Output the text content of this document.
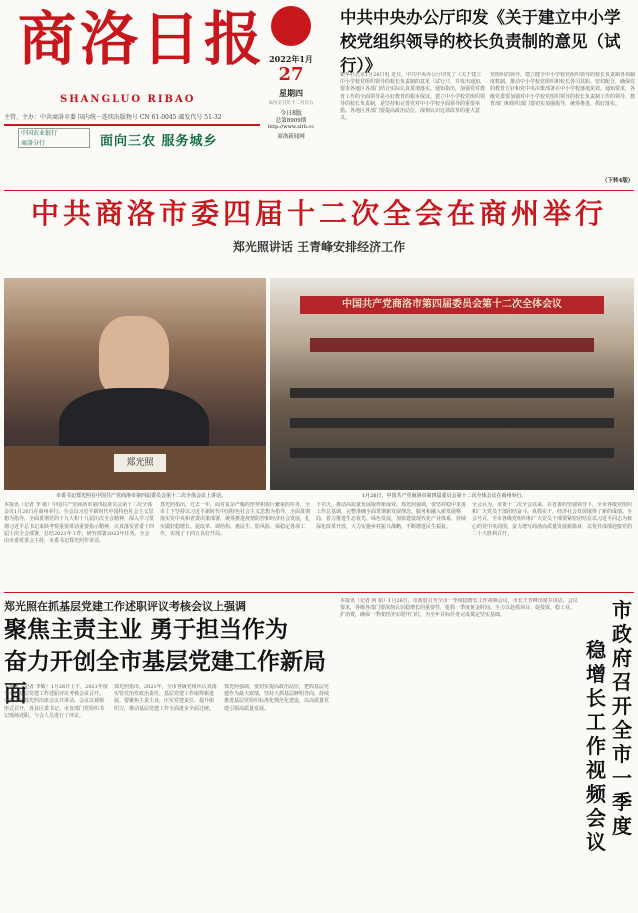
商洛日报
SHANGLUO RIBAO
主管、主办：中共商洛市委 国内统一连续出版物号 CN 61-0045 邮发代号 51-32
中国农业银行
商洛分行	面向三农 服务城乡
2022年1月
27
星期四
农历辛丑年十二月廿五
今日8版
总第8909期
http://www.slrb.cc
商洛新闻网
中共中央办公厅印发《关于建立中小学校党组织领导的校长负责制的意见（试行）》
新华社北京1月26日电 近日，中共中央办公厅印发了《关于建立中小学校党组织领导的校长负责制的意见（试行）》，并发出通知，要求各地区各部门结合实际认真贯彻落实。通知指出，加强党对教育工作的全面领导是办好教育的根本保证。建立中小学校党组织领导的校长负责制，是坚持和完善党对中小学校全面领导的重要举措。各地区各部门要提高政治站位，深刻认识这项改革的重大意义。
党组织的领导，建立健全中小学校党组织领导的校长负责制各项制度机制，推动中小学校党组织和校长各司其职、密切配合，确保党的教育方针和党中央决策部署在中小学校落地见效。通知要求，各级党委要加强对中小学校党组织领导的校长负责制工作的领导，教育部门和组织部门要切实加强指导，统筹推进，抓好落实。
（下转4版）
中共商洛市委四届十二次全会在商州举行
郑光照讲话 王青峰安排经济工作
郑光照
中国共产党商洛市第四届委员会第十二次全体会议
市委书记郑光照在中国共产党商洛市第四届委员会第十二次全体会议上讲话。	1月26日，中国共产党商洛市第四届委员会第十二次全体会议在商州举行。
本报讯（记者 李 敏）中国共产党商洛市第四届委员会第十二次全体会议1月26日在商州举行。全会以习近平新时代中国特色社会主义思想为指导，全面贯彻党的十九大和十九届历次全会精神，深入学习贯彻习近平总书记来陕考察重要讲话重要指示精神，认真落实省委十四届十次全会部署，总结2021年工作，研究部署2022年任务。全会由市委常委会主持，市委书记郑光照作讲话。
郑光照指出，过去一年，面对复杂严峻的形势和艰巨繁重的任务，全市上下坚持以习近平新时代中国特色社会主义思想为指导，全面贯彻落实党中央和省委决策部署，统筹推进疫情防控和经济社会发展，扎实做好稳增长、促改革、调结构、惠民生、防风险、保稳定各项工作，实现了十四五良好开局。
下功夫，推动高质量发展取得新成效。郑光照强调，要坚持稳中求进工作总基调，完整准确全面贯彻新发展理念，服务和融入新发展格局，着力推进生态优先、绿色发展，加快建设现代化产业体系，持续深化改革开放，大力实施乡村振兴战略，不断增进民生福祉。
全会认为，市委十二次全会以来，在省委的坚强领导下，全市各级党组织和广大党员干部团结奋斗、真抓实干，经济社会发展取得了新的成绩。全会号召，全市各级党组织和广大党员干部要紧密团结在以习近平同志为核心的党中央周围，奋力谱写商洛高质量发展新篇章，以优异成绩迎接党的二十大胜利召开。
郑光照在抓基层党建工作述职评议考核会议上强调
聚焦主责主业 勇于担当作为
奋力开创全市基层党建工作新局面
本报讯（记者 李敏）1月26日上午，2021年度全市抓基层党建工作述职评议考核会议召开。市委书记郑光照出席会议并讲话。会议以视频形式召开，各县区委书记、市直部门党组织书记现场述职，与会人员进行了评议。
郑光照指出，2021年，全市各级党组织认真落实管党治党政治责任，基层党建工作取得新进展。要聚焦主责主业，压实党建责任，提升组织力，推动基层党建工作全面进步全面过硬。
郑光照强调，要切实提高政治站位，把抓基层党建作为最大政绩，坚持大抓基层鲜明导向，持续推进基层党组织标准化规范化建设，以高质量党建引领高质量发展。
本报讯（记者 何 娟）1月26日，市政府召开全市一季度稳增长工作视频会议，市长王青峰出席并讲话。会议要求，各级各部门要深刻认识稳增长的重要性，抢抓一季度黄金时间，全力以赴抓项目、促投资、稳工业、扩消费，确保一季度经济实现开门红，为全年目标任务完成奠定坚实基础。	市政府召开全市一季度
稳增长工作视频会议
